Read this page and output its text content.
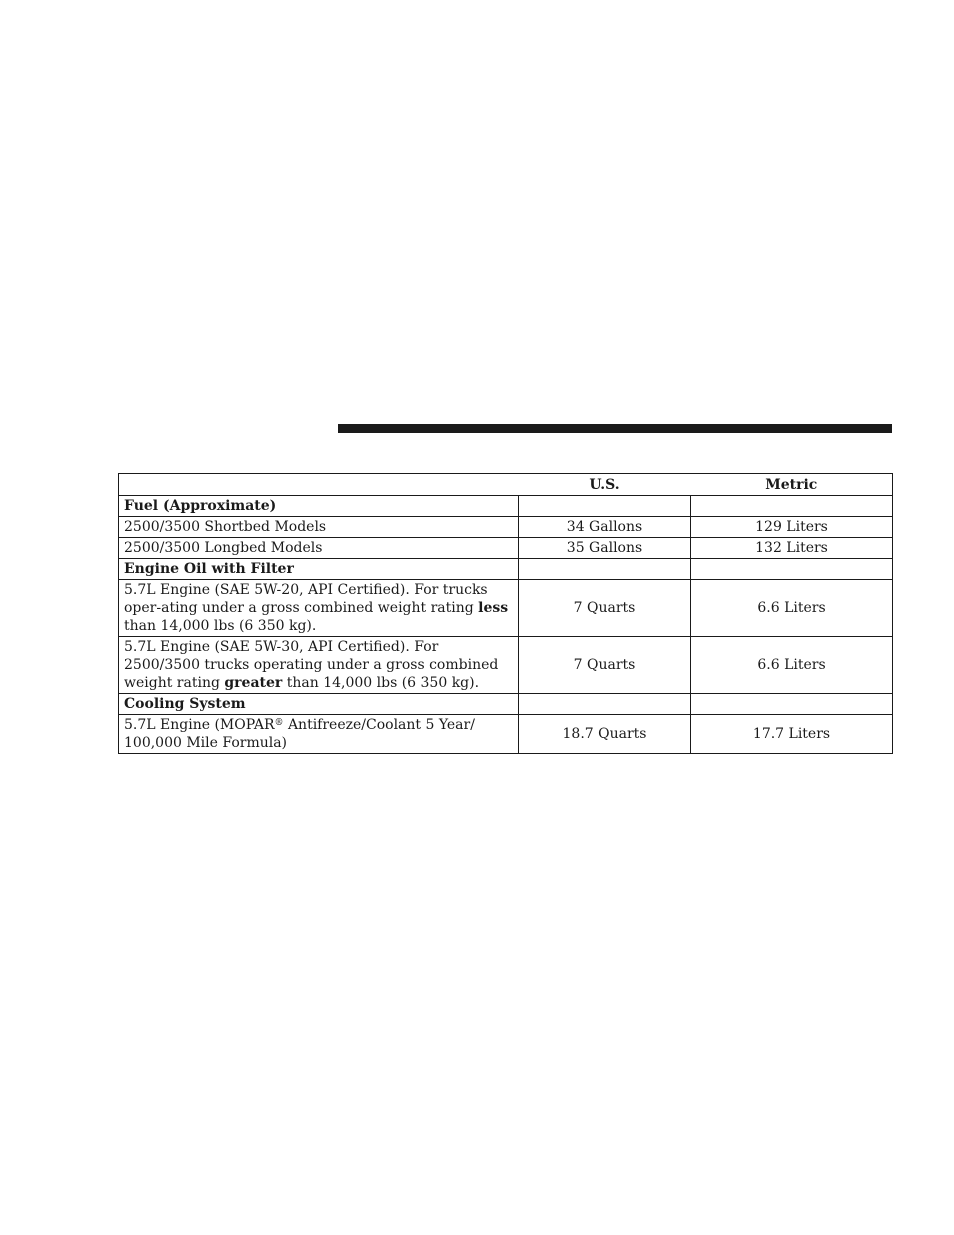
	U.S.	Metric
Fuel (Approximate)		
2500/3500 Shortbed Models	34 Gallons	129 Liters
2500/3500 Longbed Models	35 Gallons	132 Liters
Engine Oil with Filter		
5.7L Engine (SAE 5W-20, API Certified). For trucks oper-ating under a gross combined weight rating less than 14,000 lbs (6 350 kg).	7 Quarts	6.6 Liters
5.7L Engine (SAE 5W-30, API Certified). For 2500/3500 trucks operating under a gross combined weight rating greater than 14,000 lbs (6 350 kg).	7 Quarts	6.6 Liters
Cooling System		
5.7L Engine (MOPAR® Antifreeze/Coolant 5 Year/ 100,000 Mile Formula)	18.7 Quarts	17.7 Liters
